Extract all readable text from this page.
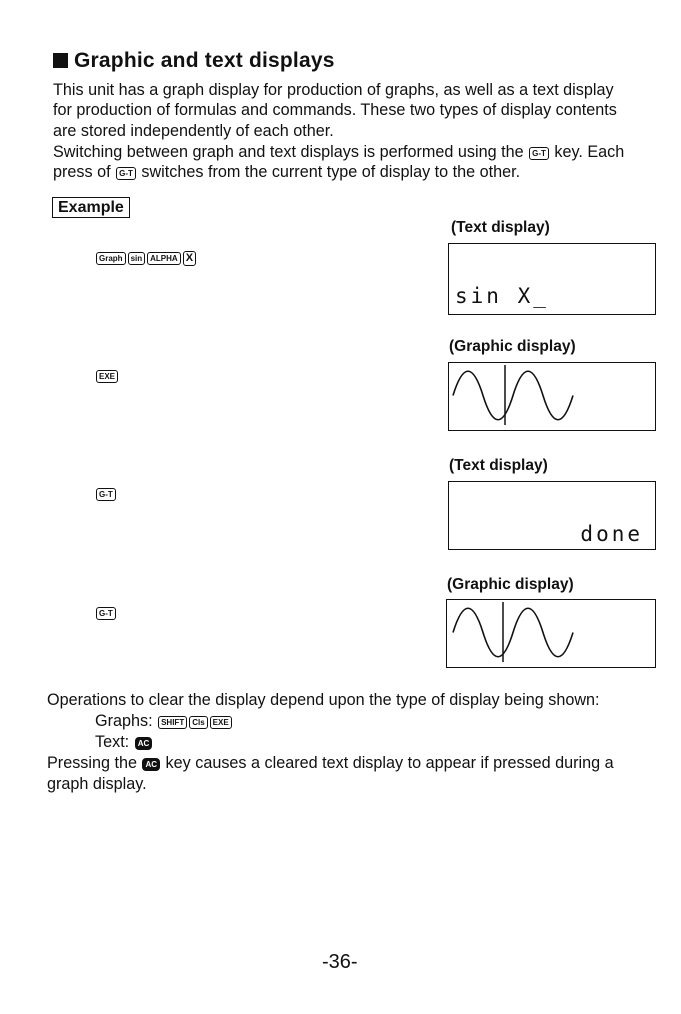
Graphic and text displays
This unit has a graph display for production of graphs, as well as a text display
for production of formulas and commands. These two types of display contents
are stored independently of each other.
Switching between graph and text displays is performed using the G-T key. Each
press of G-T switches from the current type of display to the other.
Example
Graph sin ALPHA X
(Text display)
sin X_
EXE
(Graphic display)
G-T
(Text display)
done
G-T
(Graphic display)
Operations to clear the display depend upon the type of display being shown:
Graphs: SHIFT Cls EXE
Text: AC
Pressing the AC key causes a cleared text display to appear if pressed during a
graph display.
-36-
